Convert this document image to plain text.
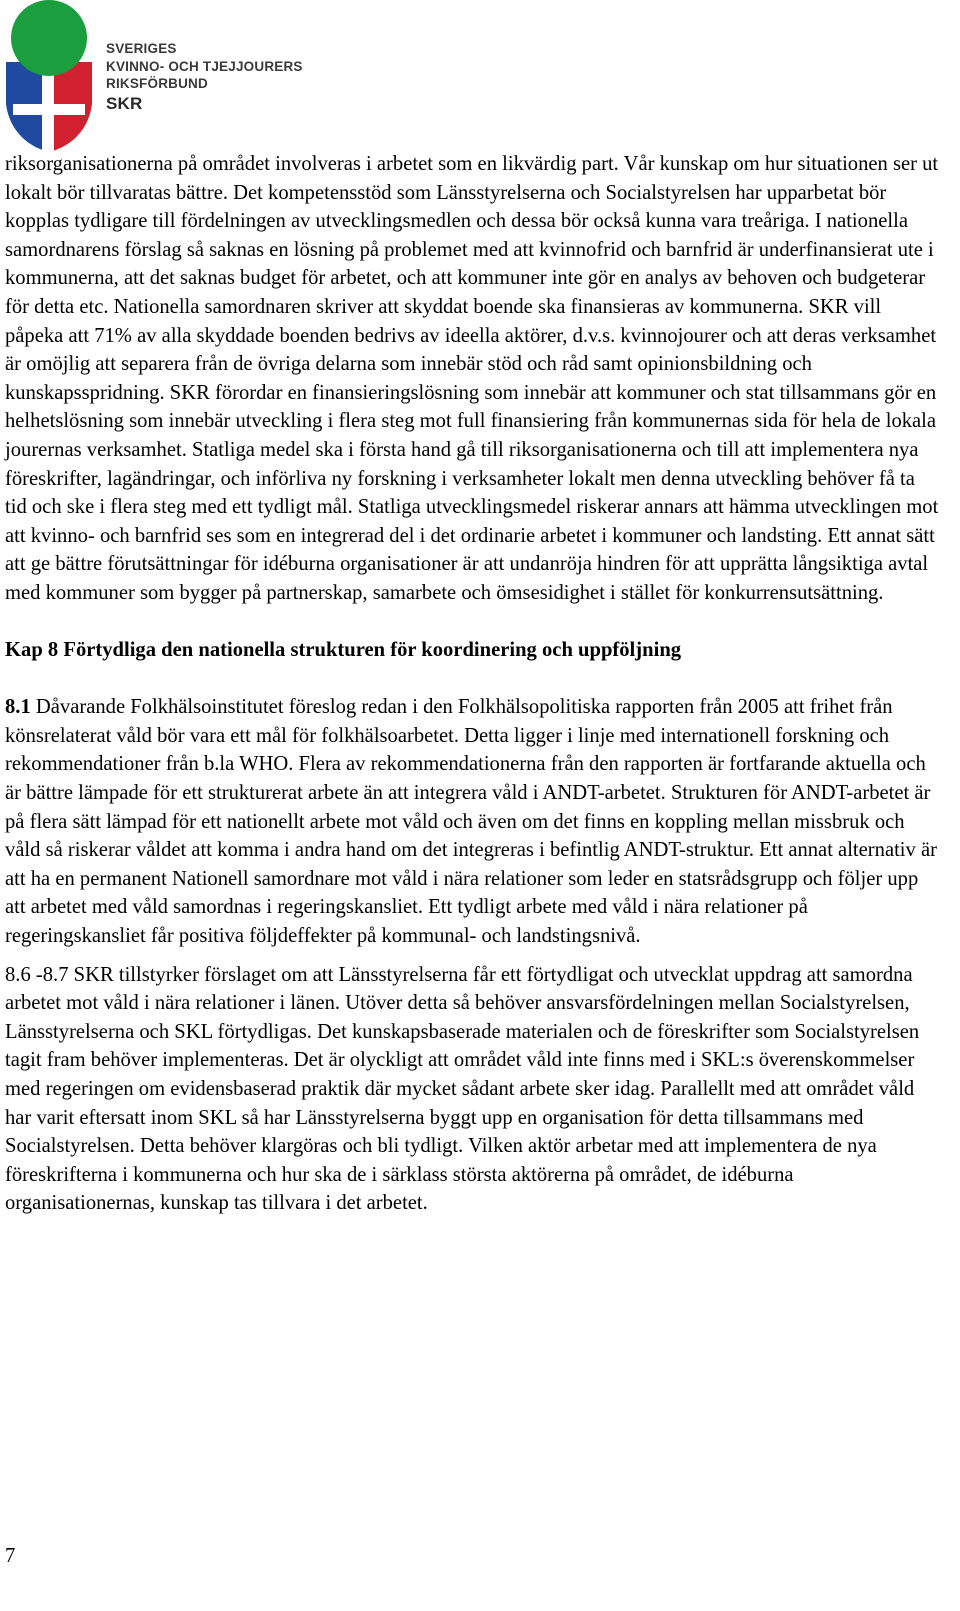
SVERIGES
KVINNO- OCH TJEJJOURERS
RIKSFÖRBUND
SKR

riksorganisationerna på området involveras i arbetet som en likvärdig part. Vår kunskap om hur situationen ser ut lokalt bör tillvaratas bättre. Det kompetensstöd som Länsstyrelserna och Socialstyrelsen har upparbetat bör kopplas tydligare till fördelningen av utvecklingsmedlen och dessa bör också kunna vara treåriga. I nationella samordnarens förslag så saknas en lösning på problemet med att kvinnofrid och barnfrid är underfinansierat ute i kommunerna, att det saknas budget för arbetet, och att kommuner inte gör en analys av behoven och budgeterar för detta etc. Nationella samordnaren skriver att skyddat boende ska finansieras av kommunerna. SKR vill påpeka att 71% av alla skyddade boenden bedrivs av ideella aktörer, d.v.s. kvinnojourer och att deras verksamhet är omöjlig att separera från de övriga delarna som innebär stöd och råd samt opinionsbildning och kunskapsspridning. SKR förordar en finansieringslösning som innebär att kommuner och stat tillsammans gör en helhetslösning som innebär utveckling i flera steg mot full finansiering från kommunernas sida för hela de lokala jourernas verksamhet. Statliga medel ska i första hand gå till riksorganisationerna och till att implementera nya föreskrifter, lagändringar, och införliva ny forskning i verksamheter lokalt men denna utveckling behöver få ta tid och ske i flera steg med ett tydligt mål. Statliga utvecklingsmedel riskerar annars att hämma utvecklingen mot att kvinno- och barnfrid ses som en integrerad del i det ordinarie arbetet i kommuner och landsting. Ett annat sätt att ge bättre förutsättningar för idéburna organisationer är att undanröja hindren för att upprätta långsiktiga avtal med kommuner som bygger på partnerskap, samarbete och ömsesidighet i stället för konkurrensutsättning.

Kap 8 Förtydliga den nationella strukturen för koordinering och uppföljning

8.1 Dåvarande Folkhälsoinstitutet föreslog redan i den Folkhälsopolitiska rapporten från 2005 att frihet från könsrelaterat våld bör vara ett mål för folkhälsoarbetet. Detta ligger i linje med internationell forskning och rekommendationer från b.la WHO. Flera av rekommendationerna från den rapporten är fortfarande aktuella och är bättre lämpade för ett strukturerat arbete än att integrera våld i ANDT-arbetet. Strukturen för ANDT-arbetet är på flera sätt lämpad för ett nationellt arbete mot våld och även om det finns en koppling mellan missbruk och våld så riskerar våldet att komma i andra hand om det integreras i befintlig ANDT-struktur. Ett annat alternativ är att ha en permanent Nationell samordnare mot våld i nära relationer som leder en statsrådsgrupp och följer upp att arbetet med våld samordnas i regeringskansliet. Ett tydligt arbete med våld i nära relationer på regeringskansliet får positiva följdeffekter på kommunal- och landstingsnivå.

8.6 -8.7 SKR tillstyrker förslaget om att Länsstyrelserna får ett förtydligat och utvecklat uppdrag att samordna arbetet mot våld i nära relationer i länen. Utöver detta så behöver ansvarsfördelningen mellan Socialstyrelsen, Länsstyrelserna och SKL förtydligas. Det kunskapsbaserade materialen och de föreskrifter som Socialstyrelsen tagit fram behöver implementeras. Det är olyckligt att området våld inte finns med i SKL:s överenskommelser med regeringen om evidensbaserad praktik där mycket sådant arbete sker idag. Parallellt med att området våld har varit eftersatt inom SKL så har Länsstyrelserna byggt upp en organisation för detta tillsammans med Socialstyrelsen. Detta behöver klargöras och bli tydligt. Vilken aktör arbetar med att implementera de nya föreskrifterna i kommunerna och hur ska de i särklass största aktörerna på området, de idéburna organisationernas, kunskap tas tillvara i det arbetet.

7
